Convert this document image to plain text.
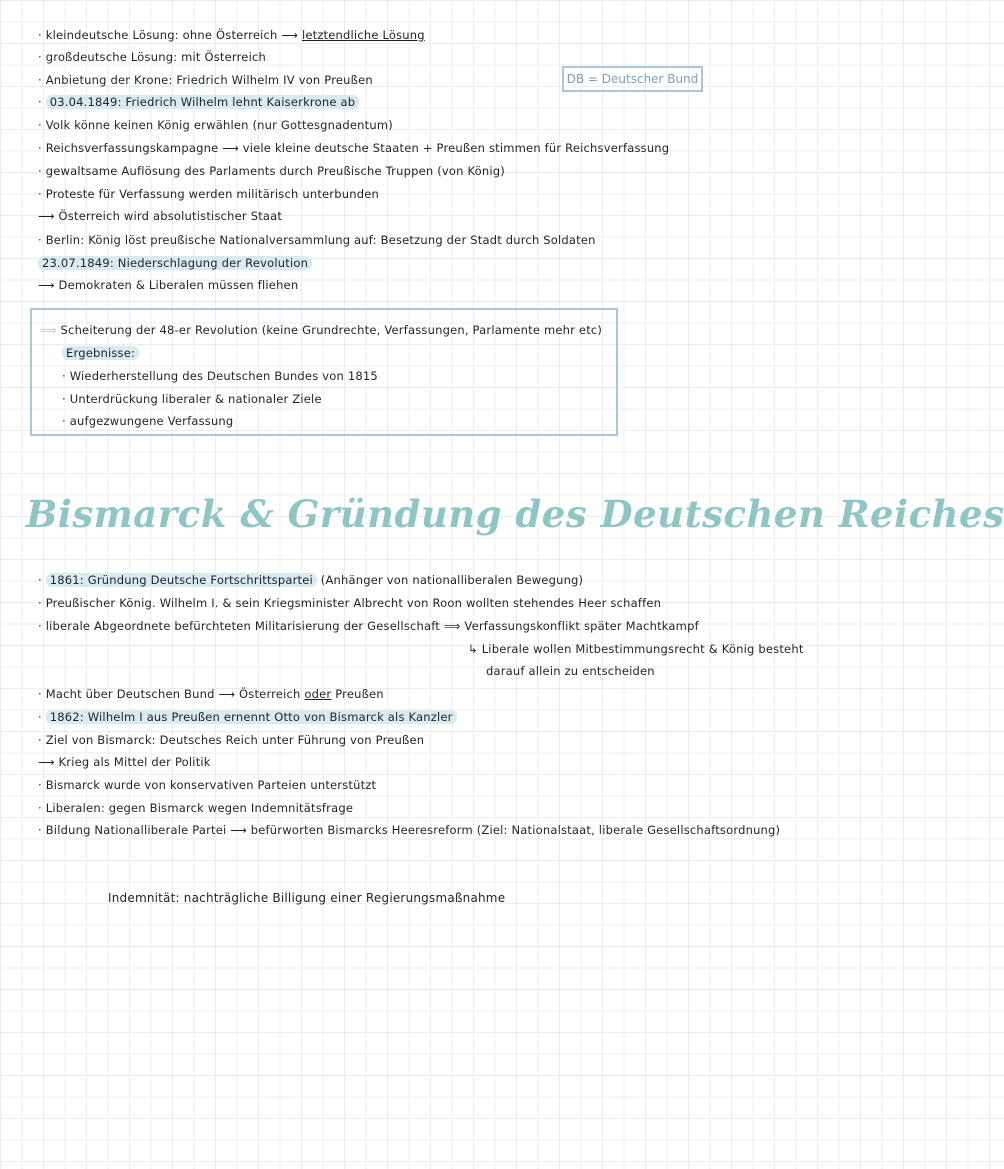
· kleindeutsche Lösung: ohne Österreich ⟶ letztendliche Lösung
· großdeutsche Lösung: mit Österreich
· Anbietung der Krone: Friedrich Wilhelm IV von Preußen	DB = Deutscher Bund
· 03.04.1849: Friedrich Wilhelm lehnt Kaiserkrone ab
· Volk könne keinen König erwählen (nur Gottesgnadentum)
· Reichsverfassungskampagne ⟶ viele kleine deutsche Staaten + Preußen stimmen für Reichsverfassung
· gewaltsame Auflösung des Parlaments durch Preußische Truppen (von König)
· Proteste für Verfassung werden militärisch unterbunden
⟶ Österreich wird absolutistischer Staat
· Berlin: König löst preußische Nationalversammlung auf: Besetzung der Stadt durch Soldaten
23.07.1849: Niederschlagung der Revolution
⟶ Demokraten & Liberalen müssen fliehen
⟹ Scheiterung der 48-er Revolution (keine Grundrechte, Verfassungen, Parlamente mehr etc)
Ergebnisse:
· Wiederherstellung des Deutschen Bundes von 1815
· Unterdrückung liberaler & nationaler Ziele
· aufgezwungene Verfassung
Bismarck & Gründung des Deutschen Reiches
· 1861: Gründung Deutsche Fortschrittspartei (Anhänger von nationalliberalen Bewegung)
· Preußischer König. Wilhelm I. & sein Kriegsminister Albrecht von Roon wollten stehendes Heer schaffen
· liberale Abgeordnete befürchteten Militarisierung der Gesellschaft ⟹ Verfassungskonflikt später Machtkampf
↳ Liberale wollen Mitbestimmungsrecht & König besteht
darauf allein zu entscheiden
· Macht über Deutschen Bund ⟶ Österreich oder Preußen
· 1862: Wilhelm I aus Preußen ernennt Otto von Bismarck als Kanzler
· Ziel von Bismarck: Deutsches Reich unter Führung von Preußen
⟶ Krieg als Mittel der Politik
· Bismarck wurde von konservativen Parteien unterstützt
· Liberalen: gegen Bismarck wegen Indemnitätsfrage
· Bildung Nationalliberale Partei ⟶ befürworten Bismarcks Heeresreform (Ziel: Nationalstaat, liberale Gesellschaftsordnung)
Indemnität: nachträgliche Billigung einer Regierungsmaßnahme
